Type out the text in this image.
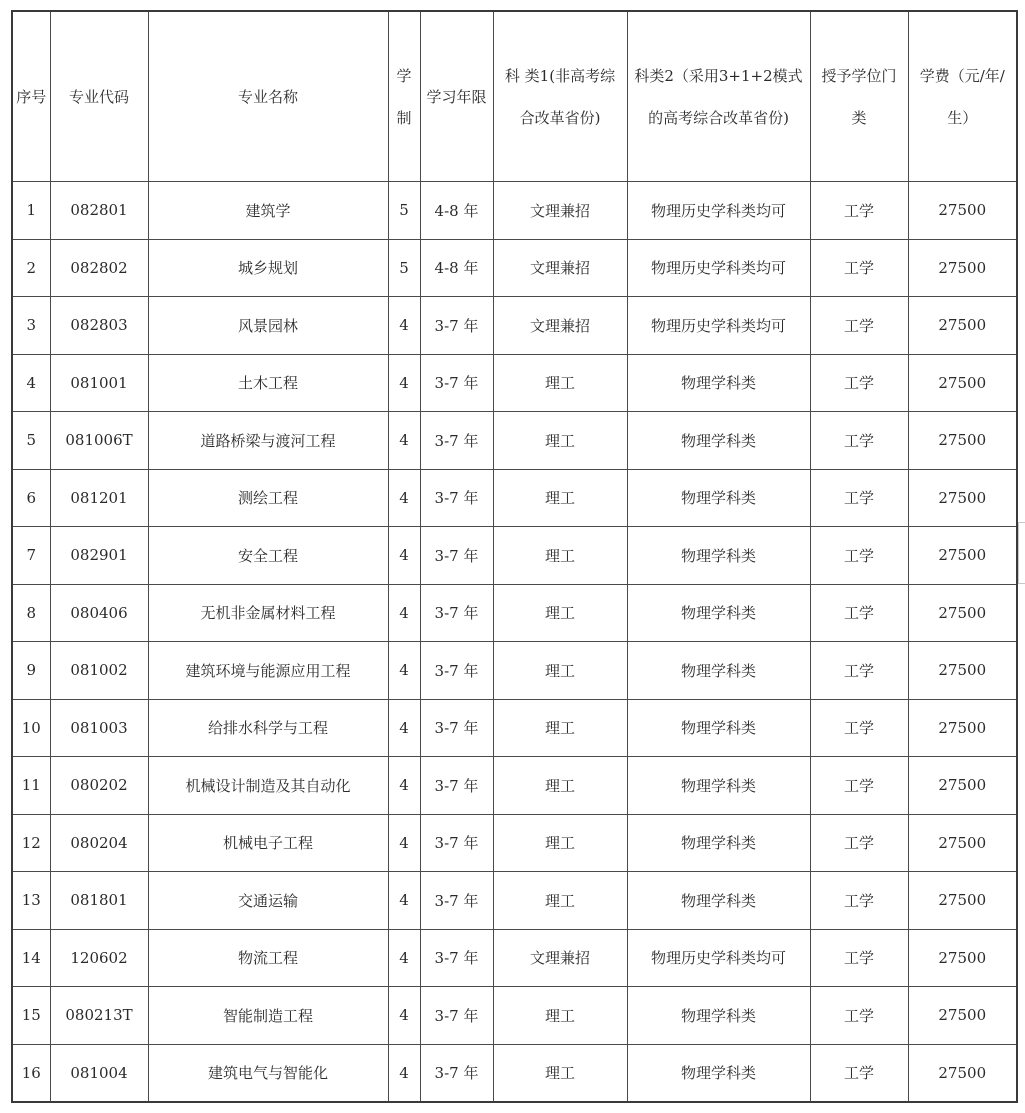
序号	专业代码	专业名称	学制	学习年限	科 类1(非高考综合改革省份)	科类2（采用3+1+2模式的高考综合改革省份)	授予学位门类	学费（元/年/生）
1	082801	建筑学	5	4-8 年	文理兼招	物理历史学科类均可	工学	27500
2	082802	城乡规划	5	4-8 年	文理兼招	物理历史学科类均可	工学	27500
3	082803	风景园林	4	3-7 年	文理兼招	物理历史学科类均可	工学	27500
4	081001	土木工程	4	3-7 年	理工	物理学科类	工学	27500
5	081006T	道路桥梁与渡河工程	4	3-7 年	理工	物理学科类	工学	27500
6	081201	测绘工程	4	3-7 年	理工	物理学科类	工学	27500
7	082901	安全工程	4	3-7 年	理工	物理学科类	工学	27500
8	080406	无机非金属材料工程	4	3-7 年	理工	物理学科类	工学	27500
9	081002	建筑环境与能源应用工程	4	3-7 年	理工	物理学科类	工学	27500
10	081003	给排水科学与工程	4	3-7 年	理工	物理学科类	工学	27500
11	080202	机械设计制造及其自动化	4	3-7 年	理工	物理学科类	工学	27500
12	080204	机械电子工程	4	3-7 年	理工	物理学科类	工学	27500
13	081801	交通运输	4	3-7 年	理工	物理学科类	工学	27500
14	120602	物流工程	4	3-7 年	文理兼招	物理历史学科类均可	工学	27500
15	080213T	智能制造工程	4	3-7 年	理工	物理学科类	工学	27500
16	081004	建筑电气与智能化	4	3-7 年	理工	物理学科类	工学	27500
